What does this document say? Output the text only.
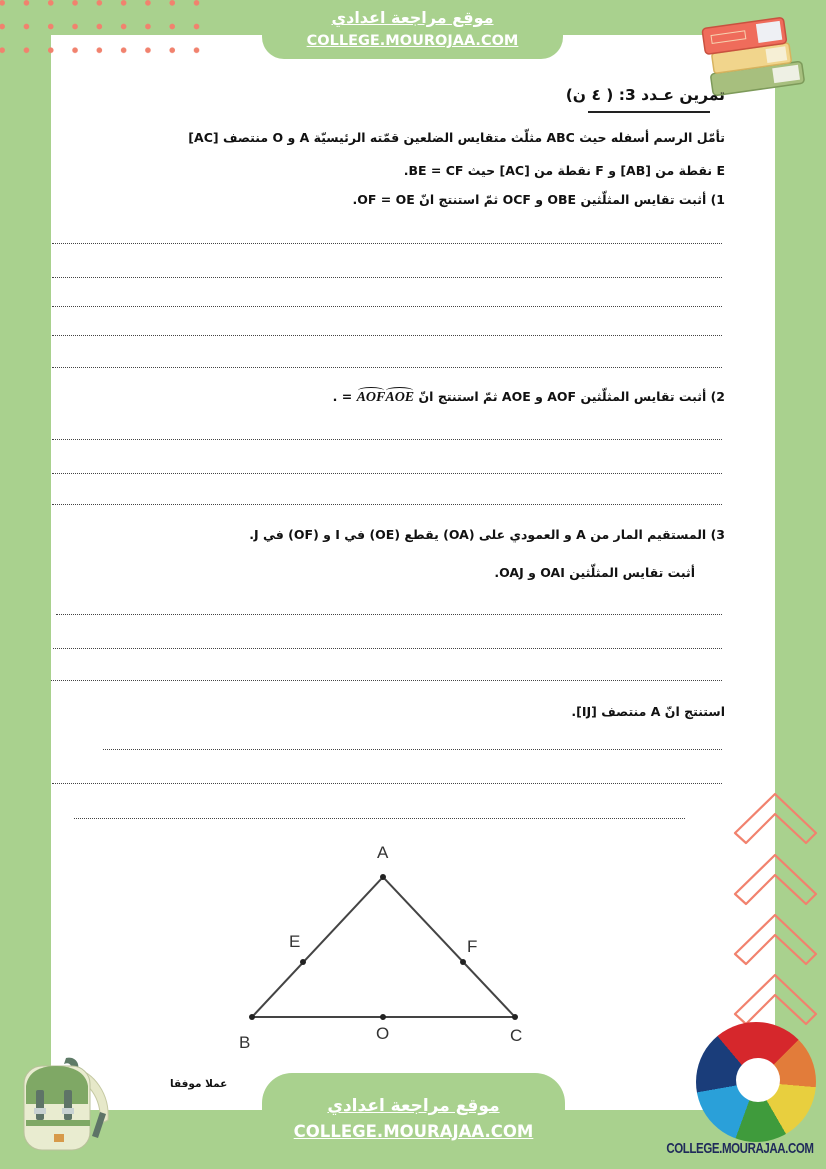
موقع مراجعة اعدادي
COLLEGE.MOUROJAA.COM
تمرين عـدد 3: ( ٤ ن)
تأمّل الرسم أسفله حيث ABC مثلّث متقايس الضلعين قمّته الرئيسيّة A و O منتصف [AC]
E نقطة من [AB] و F نقطة من [AC] حيث BE = CF.
1) أثبت تقايس المثلّثين OBE و OCF ثمّ استنتج انّ OF = OE.
2) أثبت تقايس المثلّثين AOF و AOE ثمّ استنتج انّ . = AOFAOE
3) المستقيم المار من A و العمودي على (OA) يقطع (OE) في I و (OF) في J.
أثبت تقايس المثلّثين OAI و OAJ.
استنتج انّ A منتصف [IJ].
A
E	F
B	O	C
موقع مراجعة اعدادي
COLLEGE.MOURAJAA.COM
عملا موفقا
COLLEGE.MOURAJAA.COM
